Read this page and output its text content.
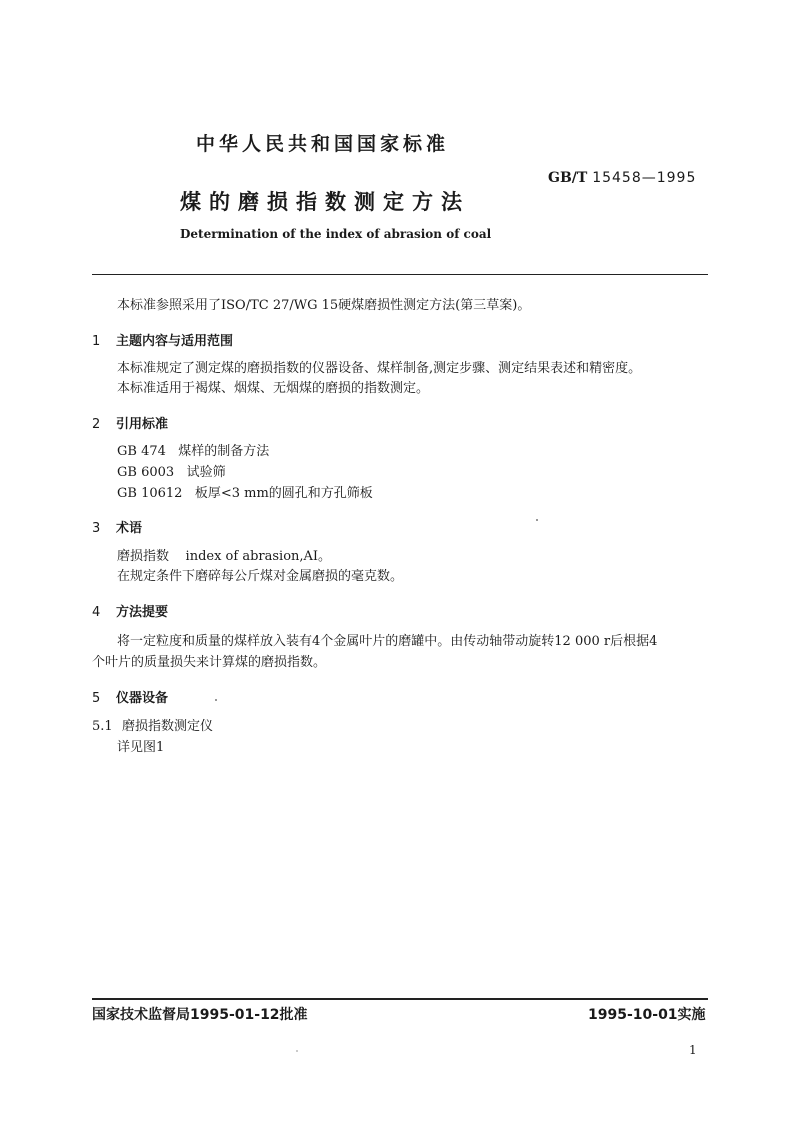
中华人民共和国国家标准
GB/T 15458—1995
煤的磨损指数测定方法
Determination of the index of abrasion of coal
本标准参照采用了ISO/TC 27/WG 15硬煤磨损性测定方法(第三草案)。
1 主题内容与适用范围
本标准规定了测定煤的磨损指数的仪器设备、煤样制备,测定步骤、测定结果表述和精密度。
本标准适用于褐煤、烟煤、无烟煤的磨损的指数测定。
2 引用标准
GB 474 煤样的制备方法
GB 6003 试验筛
GB 10612 板厚<3 mm的圆孔和方孔筛板
3 术语
磨损指数 index of abrasion,AI。
在规定条件下磨碎每公斤煤对金属磨损的毫克数。
4 方法提要
将一定粒度和质量的煤样放入装有4个金属叶片的磨罐中。由传动轴带动旋转12 000 r后根据4
个叶片的质量损失来计算煤的磨损指数。
5 仪器设备
5.1 磨损指数测定仪
详见图1
国家技术监督局1995-01-12批准	1995-10-01实施
1
